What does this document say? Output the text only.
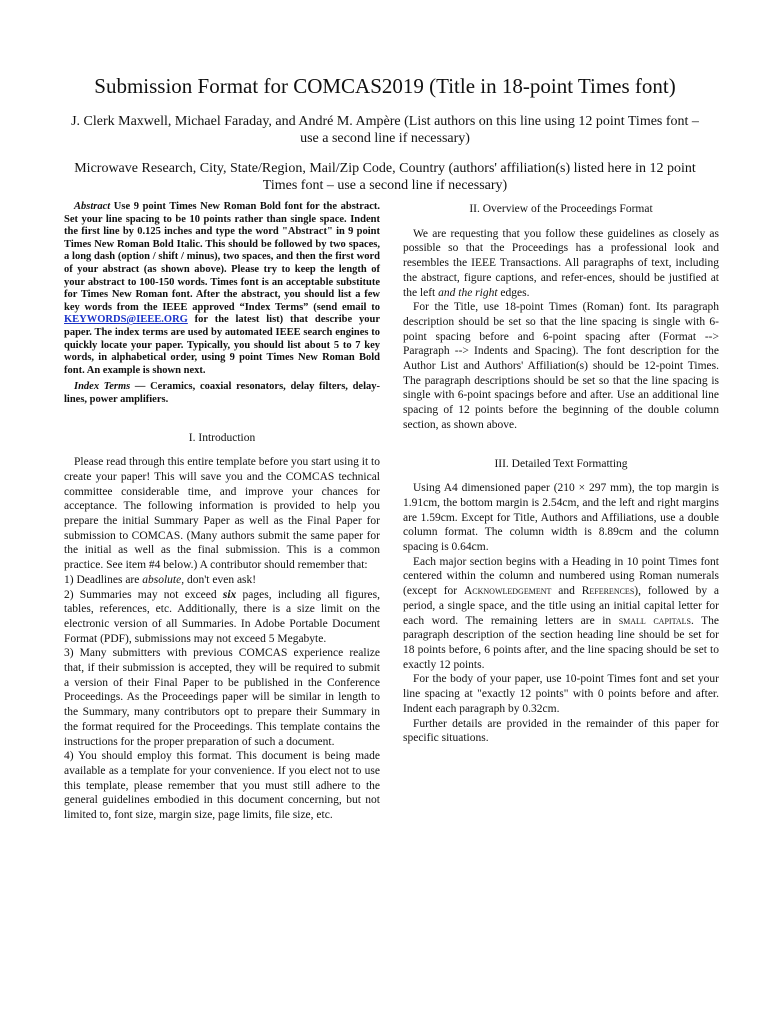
Submission Format for COMCAS2019 (Title in 18-point Times font)
J. Clerk Maxwell, Michael Faraday, and André M. Ampère (List authors on this line using 12 point Times font – use a second line if necessary)
Microwave Research, City, State/Region, Mail/Zip Code, Country (authors' affiliation(s) listed here in 12 point Times font – use a second line if necessary)

Abstract Use 9 point Times New Roman Bold font for the abstract. Set your line spacing to be 10 points rather than single space. Indent the first line by 0.125 inches and type the word "Abstract" in 9 point Times New Roman Bold Italic. This should be followed by two spaces, a long dash (option / shift / minus), two spaces, and then the first word of your abstract (as shown above). Please try to keep the length of your abstract to 100-150 words. Times font is an acceptable substitute for Times New Roman font. After the abstract, you should list a few key words from the IEEE approved “Index Terms” (send email to KEYWORDS@IEEE.ORG for the latest list) that describe your paper. The index terms are used by automated IEEE search engines to quickly locate your paper. Typically, you should list about 5 to 7 key words, in alphabetical order, using 9 point Times New Roman Bold font. An example is shown next.

Index Terms — Ceramics, coaxial resonators, delay filters, delay-lines, power amplifiers.

I. Introduction

Please read through this entire template before you start using it to create your paper! This will save you and the COMCAS technical committee considerable time, and improve your chances for acceptance. The following information is provided to help you prepare the initial Summary Paper as well as the Final Paper for submission to COMCAS. (Many authors submit the same paper for the initial as well as the final submission. This is a common practice. See item #4 below.) A contributor should remember that:

1) Deadlines are absolute, don't even ask!

2) Summaries may not exceed six pages, including all figures, tables, references, etc. Additionally, there is a size limit on the electronic version of all Summaries. In Adobe Portable Document Format (PDF), submissions may not exceed 5 Megabyte.

3) Many submitters with previous COMCAS experience realize that, if their submission is accepted, they will be required to submit a version of their Final Paper to be published in the Conference Proceedings. As the Proceedings paper will be similar in length to the Summary, many contributors opt to prepare their Summary in the format required for the Proceedings. This template contains the instructions for the proper preparation of such a document.

4) You should employ this format. This document is being made available as a template for your convenience. If you elect not to use this template, please remember that you must still adhere to the general guidelines embodied in this document concerning, but not limited to, font size, margin size, page limits, file size, etc.

II. Overview of the Proceedings Format

We are requesting that you follow these guidelines as closely as possible so that the Proceedings has a professional look and resembles the IEEE Transactions. All paragraphs of text, including the abstract, figure captions, and refer-ences, should be justified at the left and the right edges.

For the Title, use 18-point Times (Roman) font. Its paragraph description should be set so that the line spacing is single with 6-point spacing before and 6-point spacing after (Format --> Paragraph --> Indents and Spacing). The font description for the Author List and Authors' Affiliation(s) should be 12-point Times. The paragraph descriptions should be set so that the line spacing is single with 6-point spacings before and after. Use an additional line spacing of 12 points before the beginning of the double column section, as shown above.

III. Detailed Text Formatting

Using A4 dimensioned paper (210 × 297 mm), the top margin is 1.91cm, the bottom margin is 2.54cm, and the left and right margins are 1.59cm. Except for Title, Authors and Affiliations, use a double column format. The column width is 8.89cm and the column spacing is 0.64cm.

Each major section begins with a Heading in 10 point Times font centered within the column and numbered using Roman numerals (except for Acknowledgement and References), followed by a period, a single space, and the title using an initial capital letter for each word. The remaining letters are in small capitals. The paragraph description of the section heading line should be set for 18 points before, 6 points after, and the line spacing should be set to exactly 12 points.

For the body of your paper, use 10-point Times font and set your line spacing at "exactly 12 points" with 0 points before and after. Indent each paragraph by 0.32cm.

Further details are provided in the remainder of this paper for specific situations.
